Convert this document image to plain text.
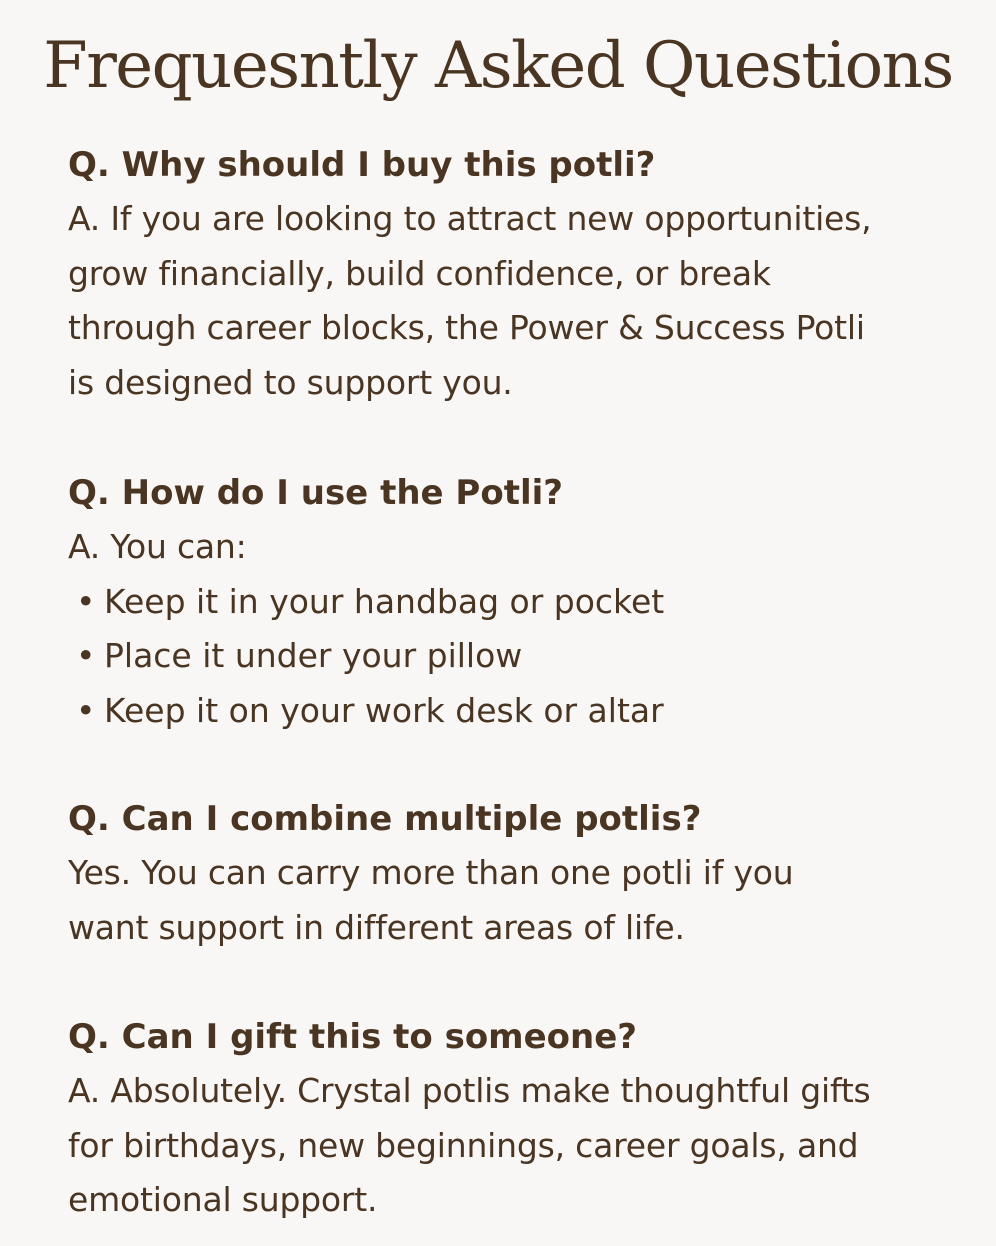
Frequesntly Asked Questions

Q. Why should I buy this potli?

A. If you are looking to attract new opportunities,

grow financially, build confidence, or break

through career blocks, the Power & Success Potli

is designed to support you.

Q. How do I use the Potli?

A. You can:

• Keep it in your handbag or pocket

• Place it under your pillow

• Keep it on your work desk or altar

Q. Can I combine multiple potlis?

Yes. You can carry more than one potli if you

want support in different areas of life.

Q. Can I gift this to someone?

A. Absolutely. Crystal potlis make thoughtful gifts

for birthdays, new beginnings, career goals, and

emotional support.
